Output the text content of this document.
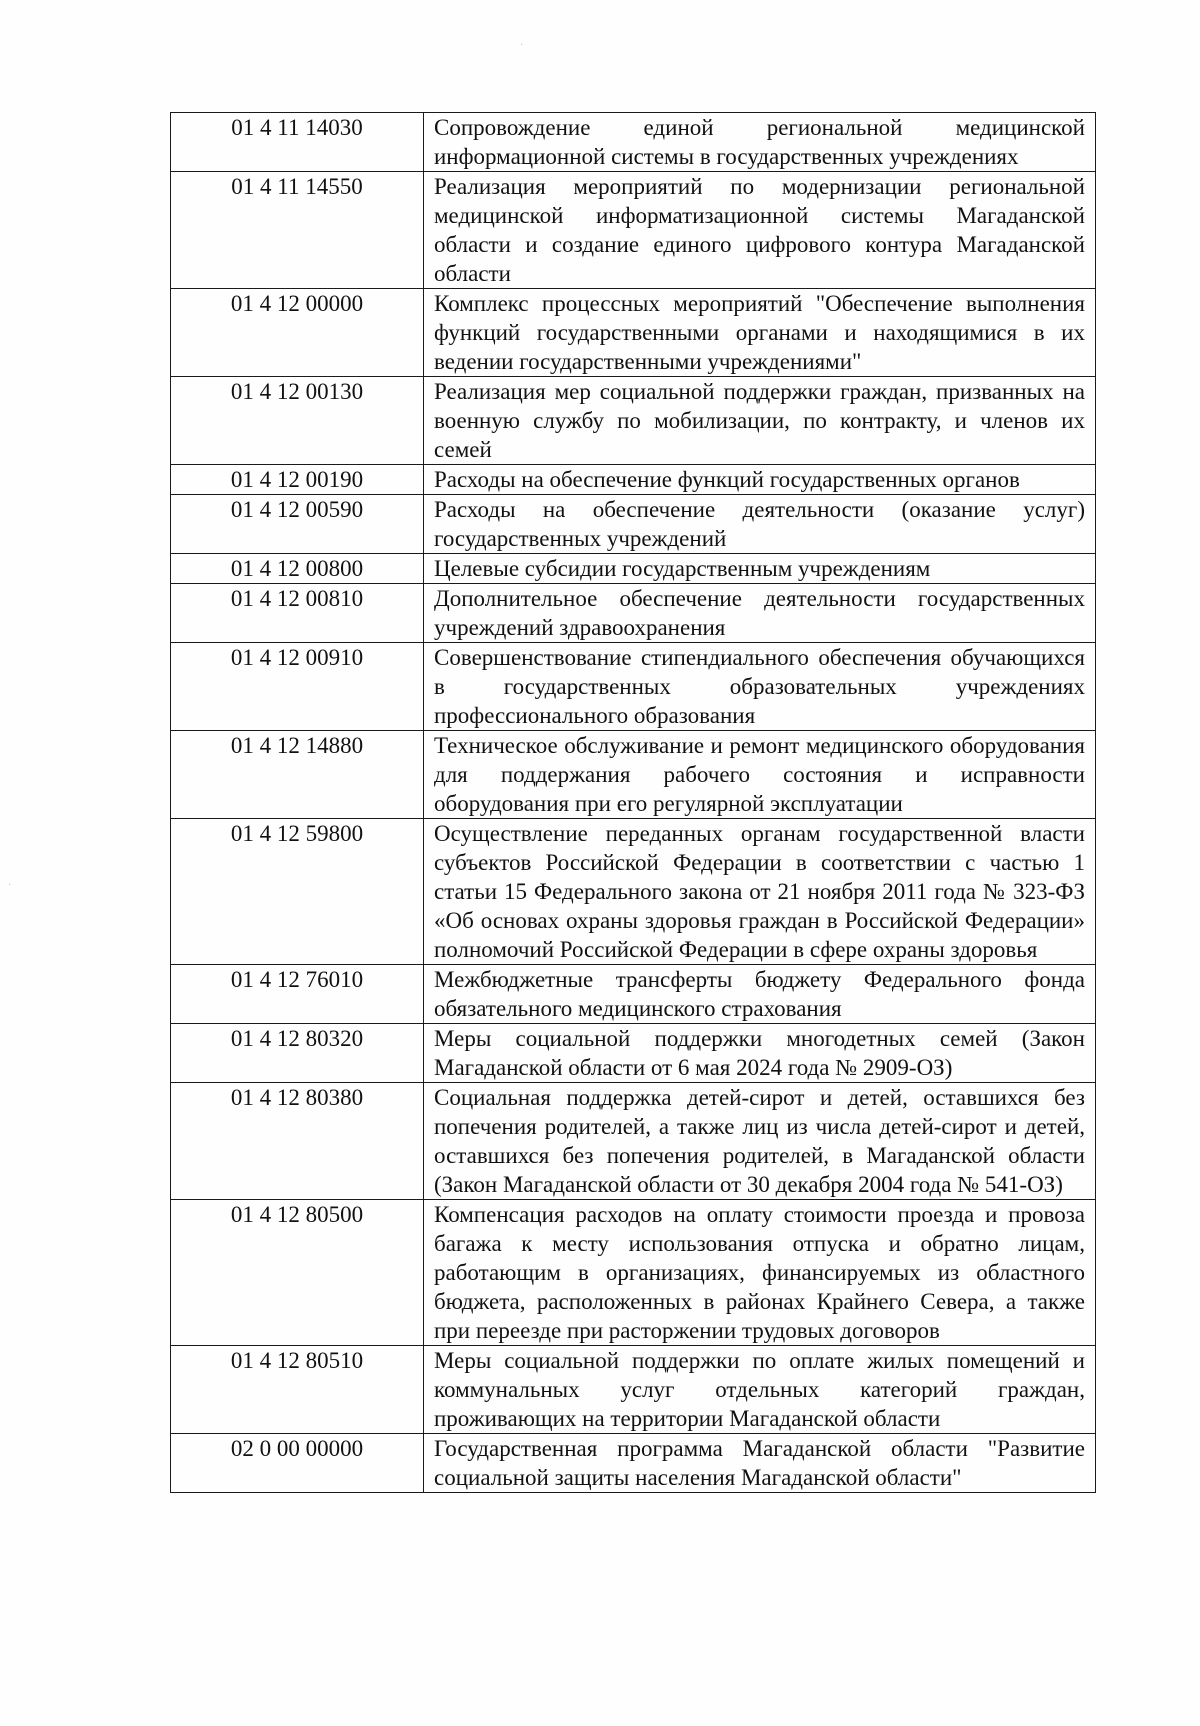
·
·
01 4 11 14030	Сопровождение единой региональной медицинской информационной системы в государственных учреждениях
01 4 11 14550	Реализация мероприятий по модернизации региональной медицинской информатизационной системы Магаданской области и создание единого цифрового контура Магаданской области
01 4 12 00000	Комплекс процессных мероприятий "Обеспечение выполнения функций государственными органами и находящимися в их ведении государственными учреждениями"
01 4 12 00130	Реализация мер социальной поддержки граждан, призванных на военную службу по мобилизации, по контракту, и членов их семей
01 4 12 00190	Расходы на обеспечение функций государственных органов
01 4 12 00590	Расходы на обеспечение деятельности (оказание услуг) государственных учреждений
01 4 12 00800	Целевые субсидии государственным учреждениям
01 4 12 00810	Дополнительное обеспечение деятельности государственных учреждений здравоохранения
01 4 12 00910	Совершенствование стипендиального обеспечения обучающихся в государственных образовательных учреждениях профессионального образования
01 4 12 14880	Техническое обслуживание и ремонт медицинского оборудования для поддержания рабочего состояния и исправности оборудования при его регулярной эксплуатации
01 4 12 59800	Осуществление переданных органам государственной власти субъектов Российской Федерации в соответствии с частью 1 статьи 15 Федерального закона от 21 ноября 2011 года № 323-ФЗ «Об основах охраны здоровья граждан в Российской Федерации» полномочий Российской Федерации в сфере охраны здоровья
01 4 12 76010	Межбюджетные трансферты бюджету Федерального фонда обязательного медицинского страхования
01 4 12 80320	Меры социальной поддержки многодетных семей (Закон Магаданской области от 6 мая 2024 года № 2909-ОЗ)
01 4 12 80380	Социальная поддержка детей-сирот и детей, оставшихся без попечения родителей, а также лиц из числа детей-сирот и детей, оставшихся без попечения родителей, в Магаданской области (Закон Магаданской области от 30 декабря 2004 года № 541-ОЗ)
01 4 12 80500	Компенсация расходов на оплату стоимости проезда и провоза багажа к месту использования отпуска и обратно лицам, работающим в организациях, финансируемых из областного бюджета, расположенных в районах Крайнего Севера, а также при переезде при расторжении трудовых договоров
01 4 12 80510	Меры социальной поддержки по оплате жилых помещений и коммунальных услуг отдельных категорий граждан, проживающих на территории Магаданской области
02 0 00 00000	Государственная программа Магаданской области "Развитие социальной защиты населения Магаданской области"
